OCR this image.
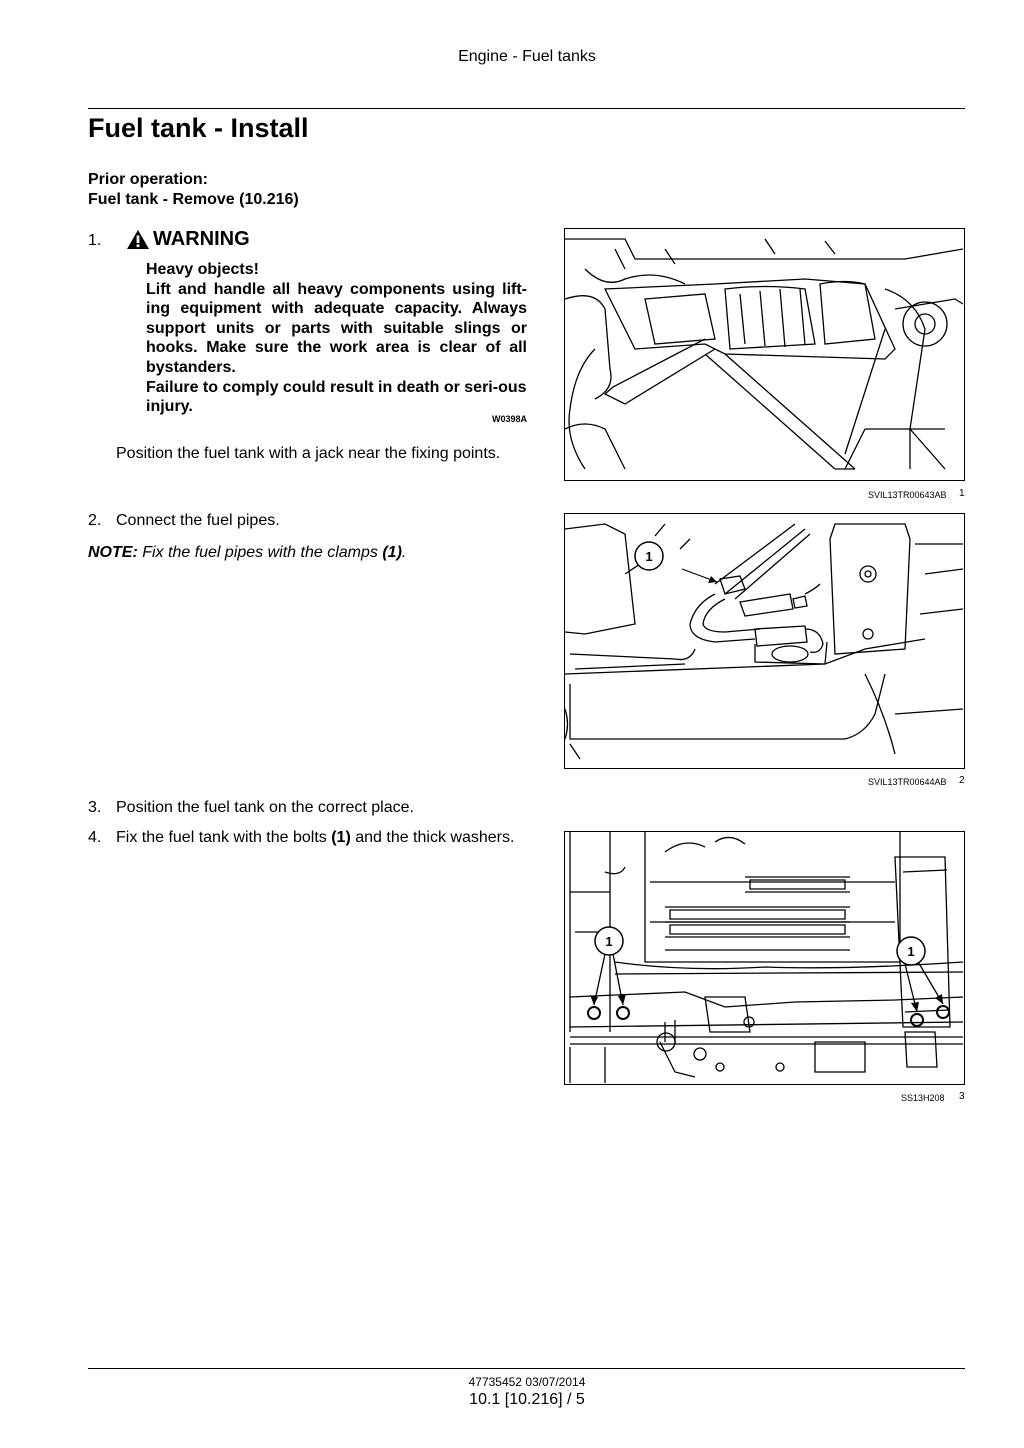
Engine - Fuel tanks
Fuel tank - Install
Prior operation:
Fuel tank - Remove (10.216)
1.	WARNING

Heavy objects!

Lift and handle all heavy components using lift-ing equipment with adequate capacity. Always support units or parts with suitable slings or hooks. Make sure the work area is clear of all bystanders.

Failure to comply could result in death or seri-ous injury.

W0398A
Position the fuel tank with a jack near the fixing points.
SVIL13TR00643AB 1
2. Connect the fuel pipes.
NOTE: Fix the fuel pipes with the clamps (1).	1
SVIL13TR00644AB 2
3. Position the fuel tank on the correct place.
4. Fix the fuel tank with the bolts (1) and the thick washers.
1
1
SS13H208 3
47735452 03/07/2014
10.1 [10.216] / 5
